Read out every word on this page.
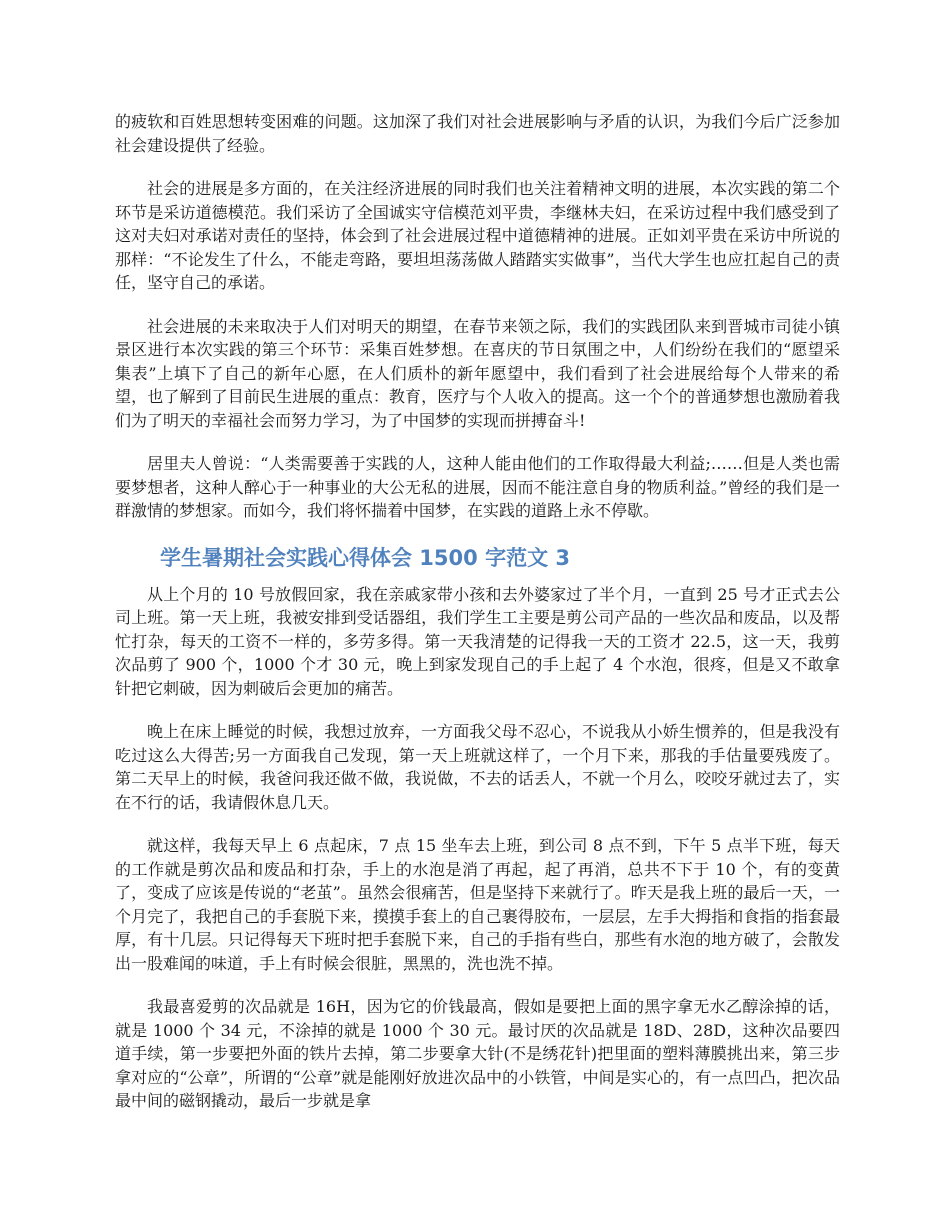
的疲软和百姓思想转变困难的问题。这加深了我们对社会进展影响与矛盾的认识，为我们今后广泛参加社会建设提供了经验。

社会的进展是多方面的，在关注经济进展的同时我们也关注着精神文明的进展，本次实践的第二个环节是采访道德模范。我们采访了全国诚实守信模范刘平贵，李继林夫妇，在采访过程中我们感受到了这对夫妇对承诺对责任的坚持，体会到了社会进展过程中道德精神的进展。正如刘平贵在采访中所说的那样：“不论发生了什么，不能走弯路，要坦坦荡荡做人踏踏实实做事”，当代大学生也应扛起自己的责任，坚守自己的承诺。

社会进展的未来取决于人们对明天的期望，在春节来领之际，我们的实践团队来到晋城市司徒小镇景区进行本次实践的第三个环节：采集百姓梦想。在喜庆的节日氛围之中，人们纷纷在我们的“愿望采集表”上填下了自己的新年心愿，在人们质朴的新年愿望中，我们看到了社会进展给每个人带来的希望，也了解到了目前民生进展的重点：教育，医疗与个人收入的提高。这一个个的普通梦想也激励着我们为了明天的幸福社会而努力学习，为了中国梦的实现而拼搏奋斗!

居里夫人曾说：“人类需要善于实践的人，这种人能由他们的工作取得最大利益;……但是人类也需要梦想者，这种人醉心于一种事业的大公无私的进展，因而不能注意自身的物质利益。”曾经的我们是一群激情的梦想家。而如今，我们将怀揣着中国梦，在实践的道路上永不停歇。

学生暑期社会实践心得体会 1500 字范文 3

从上个月的 10 号放假回家，我在亲戚家带小孩和去外婆家过了半个月，一直到 25 号才正式去公司上班。第一天上班，我被安排到受话器组，我们学生工主要是剪公司产品的一些次品和废品，以及帮忙打杂，每天的工资不一样的，多劳多得。第一天我清楚的记得我一天的工资才 22.5，这一天，我剪次品剪了 900 个，1000 个才 30 元，晚上到家发现自己的手上起了 4 个水泡，很疼，但是又不敢拿针把它刺破，因为刺破后会更加的痛苦。

晚上在床上睡觉的时候，我想过放弃，一方面我父母不忍心，不说我从小娇生惯养的，但是我没有吃过这么大得苦;另一方面我自己发现，第一天上班就这样了，一个月下来，那我的手估量要残废了。第二天早上的时候，我爸问我还做不做，我说做，不去的话丢人，不就一个月么，咬咬牙就过去了，实在不行的话，我请假休息几天。

就这样，我每天早上 6 点起床，7 点 15 坐车去上班，到公司 8 点不到，下午 5 点半下班，每天的工作就是剪次品和废品和打杂，手上的水泡是消了再起，起了再消，总共不下于 10 个，有的变黄了，变成了应该是传说的“老茧”。虽然会很痛苦，但是坚持下来就行了。昨天是我上班的最后一天，一个月完了，我把自己的手套脱下来，摸摸手套上的自己裹得胶布，一层层，左手大拇指和食指的指套最厚，有十几层。只记得每天下班时把手套脱下来，自己的手指有些白，那些有水泡的地方破了，会散发出一股难闻的味道，手上有时候会很脏，黑黑的，洗也洗不掉。

我最喜爱剪的次品就是 16H，因为它的价钱最高，假如是要把上面的黑字拿无水乙醇涂掉的话，就是 1000 个 34 元，不涂掉的就是 1000 个 30 元。最讨厌的次品就是 18D、28D，这种次品要四道手续，第一步要把外面的铁片去掉，第二步要拿大针(不是绣花针)把里面的塑料薄膜挑出来，第三步拿对应的“公章”，所谓的“公章”就是能刚好放进次品中的小铁管，中间是实心的，有一点凹凸，把次品最中间的磁钢撬动，最后一步就是拿
